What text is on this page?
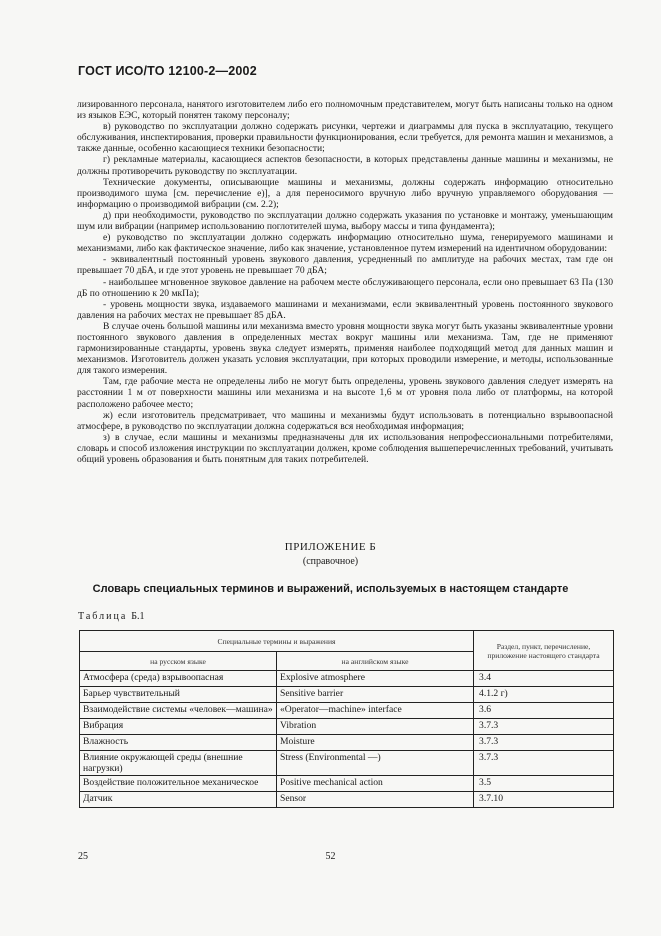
ГОСТ ИСО/ТО 12100-2—2002

лизированного персонала, нанятого изготовителем либо его полномочным представителем, могут быть написаны только на одном из языков ЕЭС, который понятен такому персоналу;

в) руководство по эксплуатации должно содержать рисунки, чертежи и диаграммы для пуска в эксплуатацию, текущего обслуживания, инспектирования, проверки правильности функционирования, если требуется, для ремонта машин и механизмов, а также данные, особенно касающиеся техники безопасности;

г) рекламные материалы, касающиеся аспектов безопасности, в которых представлены данные машины и механизмы, не должны противоречить руководству по эксплуатации.

Технические документы, описывающие машины и механизмы, должны содержать информацию относительно производимого шума [см. перечисление е)], а для переносимого вручную либо вручную управляемого оборудования — информацию о производимой вибрации (см. 2.2);

д) при необходимости, руководство по эксплуатации должно содержать указания по установке и монтажу, уменьшающим шум или вибрации (например использованию поглотителей шума, выбору массы и типа фундамента);

е) руководство по эксплуатации должно содержать информацию относительно шума, генерируемого машинами и механизмами, либо как фактическое значение, либо как значение, установленное путем измерений на идентичном оборудовании:

- эквивалентный постоянный уровень звукового давления, усредненный по амплитуде на рабочих местах, там где он превышает 70 дБА, и где этот уровень не превышает 70 дБА;

- наибольшее мгновенное звуковое давление на рабочем месте обслуживающего персонала, если оно превышает 63 Па (130 дБ по отношению к 20 мкПа);

- уровень мощности звука, издаваемого машинами и механизмами, если эквивалентный уровень постоянного звукового давления на рабочих местах не превышает 85 дБА.

В случае очень большой машины или механизма вместо уровня мощности звука могут быть указаны эквивалентные уровни постоянного звукового давления в определенных местах вокруг машины или механизма. Там, где не применяют гармонизированные стандарты, уровень звука следует измерять, применяя наиболее подходящий метод для данных машин и механизмов. Изготовитель должен указать условия эксплуатации, при которых проводили измерение, и методы, использованные для такого измерения.

Там, где рабочие места не определены либо не могут быть определены, уровень звукового давления следует измерять на расстоянии 1 м от поверхности машины или механизма и на высоте 1,6 м от уровня пола либо от платформы, на которой расположено рабочее место;

ж) если изготовитель предсматривает, что машины и механизмы будут использовать в потенциально взрывоопасной атмосфере, в руководство по эксплуатации должна содержаться вся необходимая информация;

з) в случае, если машины и механизмы предназначены для их использования непрофессиональными потребителями, словарь и способ изложения инструкции по эксплуатации должен, кроме соблюдения вышеперечисленных требований, учитывать общий уровень образования и быть понятным для таких потребителей.

ПРИЛОЖЕНИЕ Б
(справочное)
Словарь специальных терминов и выражений, используемых в настоящем стандарте
Таблица Б.1
Специальные термины и выражения		Раздел, пункт, перечисление, приложение настоящего стандарта
на русском языке	на английском языке	
Атмосфера (среда) взрывоопасная	Explosive atmosphere	3.4
Барьер чувствительный	Sensitive barrier	4.1.2 г)
Взаимодействие системы «человек—машина»	«Operator—machine» interface	3.6
Вибрация	Vibration	3.7.3
Влажность	Moisture	3.7.3
Влияние окружающей среды (внешние нагрузки)	Stress (Environmental —)	3.7.3
Воздействие положительное механическое	Positive mechanical action	3.5
Датчик	Sensor	3.7.10
25	52
